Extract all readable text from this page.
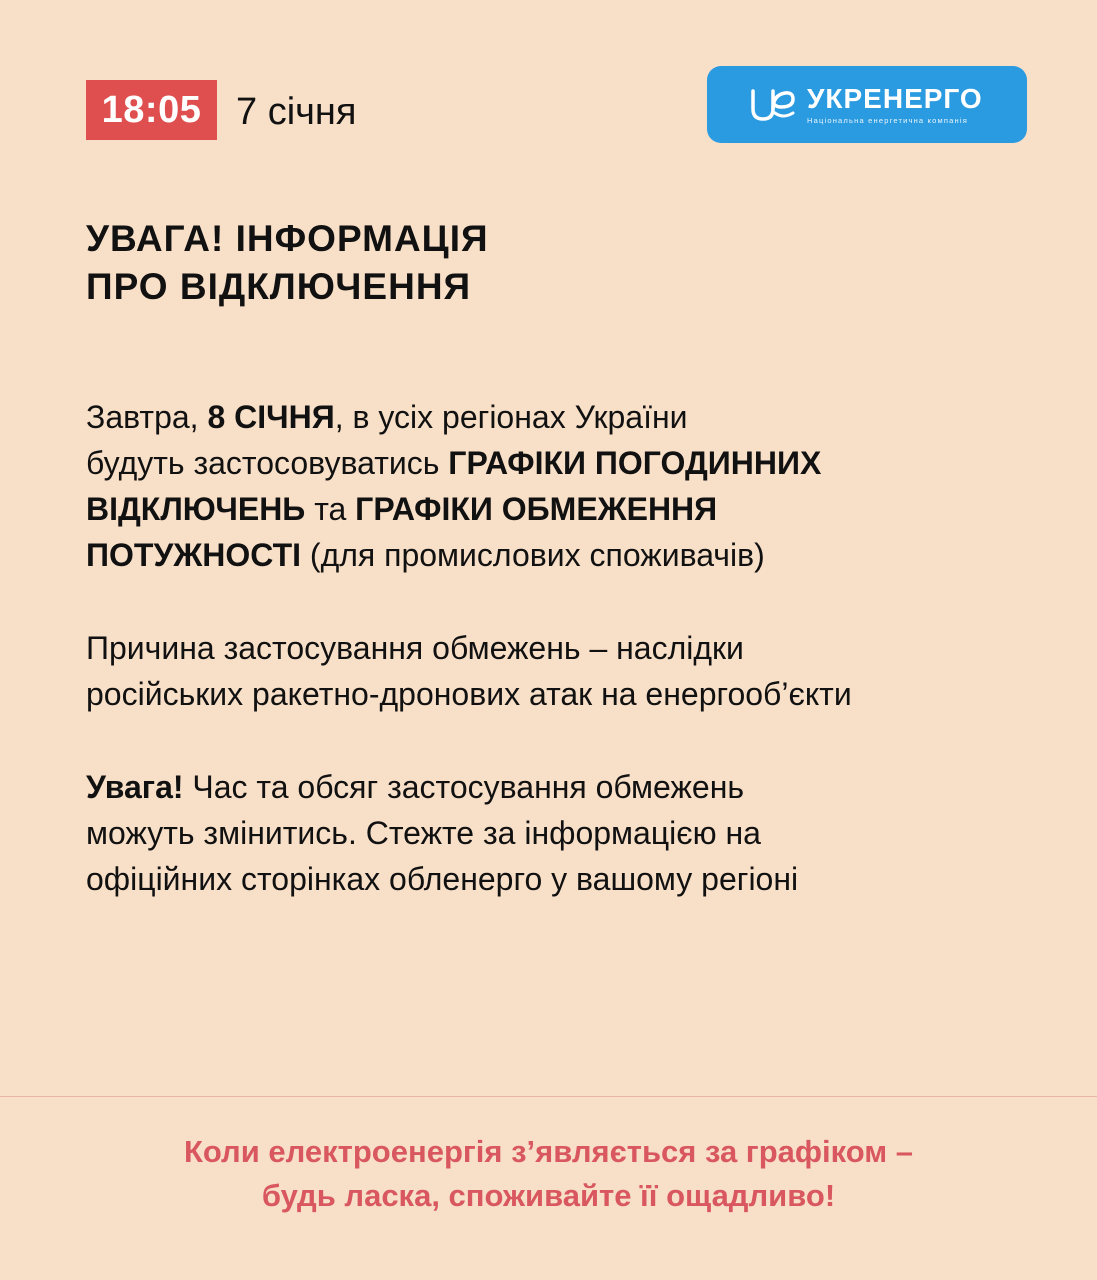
18:05 7 січня	УКРЕНЕРГО
Національна енергетична компанія
УВАГА! ІНФОРМАЦІЯ
ПРО ВІДКЛЮЧЕННЯ
Завтра, 8 СІЧНЯ, в усіх регіонах України
будуть застосовуватись ГРАФІКИ ПОГОДИННИХ
ВІДКЛЮЧЕНЬ та ГРАФІКИ ОБМЕЖЕННЯ
ПОТУЖНОСТІ (для промислових споживачів)
Причина застосування обмежень – наслідки
російських ракетно-дронових атак на енергооб’єкти
Увага! Час та обсяг застосування обмежень
можуть змінитись. Стежте за інформацією на
офіційних сторінках обленерго у вашому регіоні
Коли електроенергія з’являється за графіком –
будь ласка, споживайте її ощадливо!
